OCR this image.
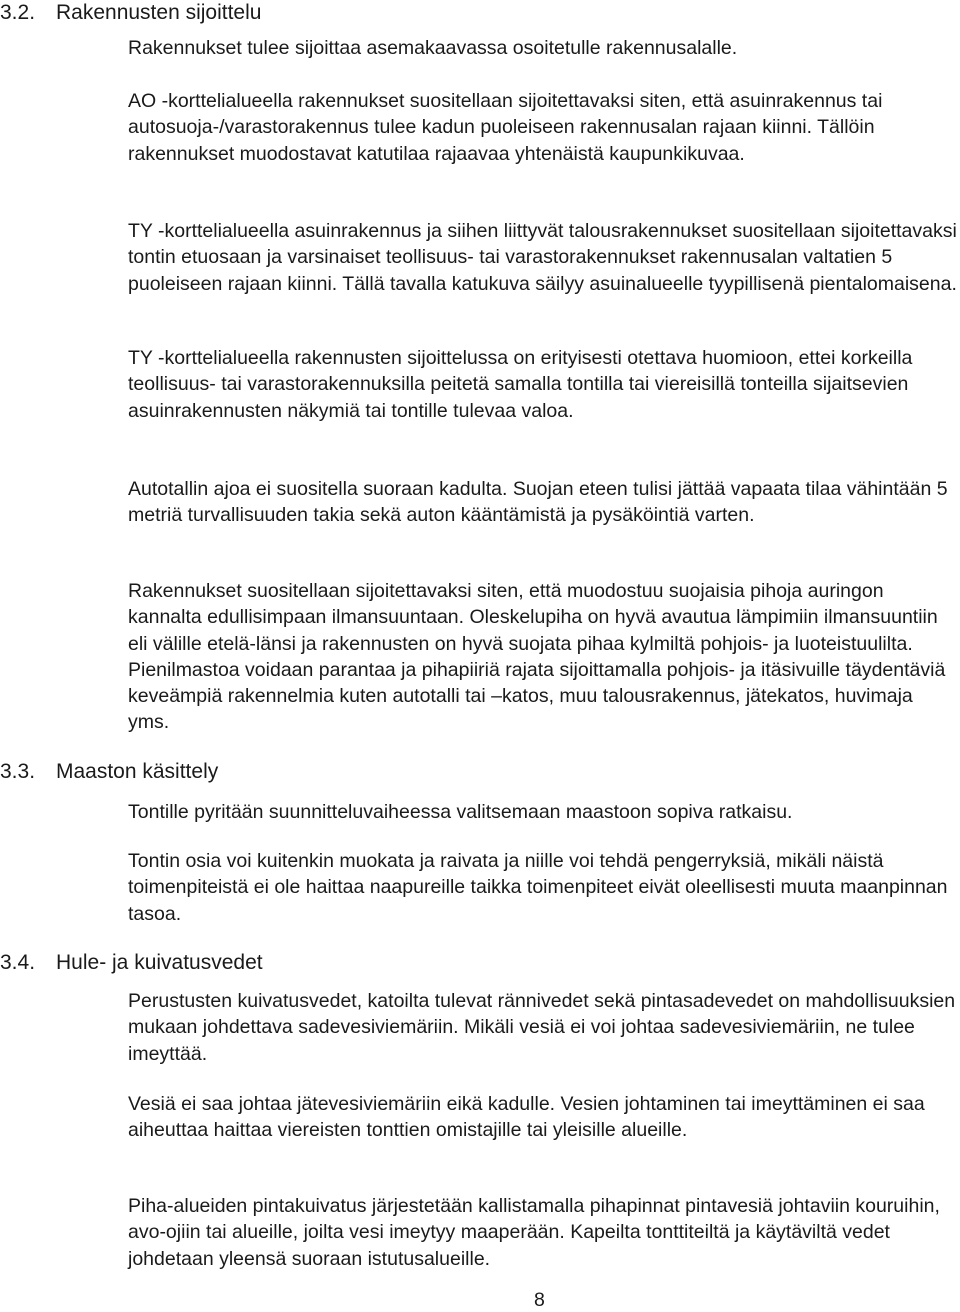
3.2. Rakennusten sijoittelu

Rakennukset tulee sijoittaa asemakaavassa osoitetulle rakennusalalle.

AO -korttelialueella rakennukset suositellaan sijoitettavaksi siten, että asuinrakennus tai autosuoja-/varastorakennus tulee kadun puoleiseen rakennusalan rajaan kiinni. Tällöin rakennukset muodostavat katutilaa rajaavaa yhtenäistä kaupunkikuvaa.

TY -korttelialueella asuinrakennus ja siihen liittyvät talousrakennukset suositellaan sijoitettavaksi tontin etuosaan ja varsinaiset teollisuus- tai varastorakennukset rakennusalan valtatien 5 puoleiseen rajaan kiinni. Tällä tavalla katukuva säilyy asuinalueelle tyypillisenä pientalomaisena.

TY -korttelialueella rakennusten sijoittelussa on erityisesti otettava huomioon, ettei korkeilla teollisuus- tai varastorakennuksilla peitetä samalla tontilla tai viereisillä tonteilla sijaitsevien asuinrakennusten näkymiä tai tontille tulevaa valoa.

Autotallin ajoa ei suositella suoraan kadulta. Suojan eteen tulisi jättää vapaata tilaa vähintään 5 metriä turvallisuuden takia sekä auton kääntämistä ja pysäköintiä varten.

Rakennukset suositellaan sijoitettavaksi siten, että muodostuu suojaisia pihoja auringon kannalta edullisimpaan ilmansuuntaan. Oleskelupiha on hyvä avautua lämpimiin ilmansuuntiin eli välille etelä-länsi ja rakennusten on hyvä suojata pihaa kylmiltä pohjois- ja luoteistuulilta. Pienilmastoa voidaan parantaa ja pihapiiriä rajata sijoittamalla pohjois- ja itäsivuille täydentäviä keveämpiä rakennelmia kuten autotalli tai –katos, muu talousrakennus, jätekatos, huvimaja yms.

3.3. Maaston käsittely

Tontille pyritään suunnitteluvaiheessa valitsemaan maastoon sopiva ratkaisu.

Tontin osia voi kuitenkin muokata ja raivata ja niille voi tehdä pengerryksiä, mikäli näistä toimenpiteistä ei ole haittaa naapureille taikka toimenpiteet eivät oleellisesti muuta maanpinnan tasoa.

3.4. Hule- ja kuivatusvedet

Perustusten kuivatusvedet, katoilta tulevat rännivedet sekä pintasadevedet on mahdollisuuksien mukaan johdettava sadevesiviemäriin. Mikäli vesiä ei voi johtaa sadevesiviemäriin, ne tulee imeyttää.

Vesiä ei saa johtaa jätevesiviemäriin eikä kadulle. Vesien johtaminen tai imeyttäminen ei saa aiheuttaa haittaa viereisten tonttien omistajille tai yleisille alueille.

Piha-alueiden pintakuivatus järjestetään kallistamalla pihapinnat pintavesiä johtaviin kouruihin, avo-ojiin tai alueille, joilta vesi imeytyy maaperään. Kapeilta tonttiteiltä ja käytäviltä vedet johdetaan yleensä suoraan istutusalueille.

8
